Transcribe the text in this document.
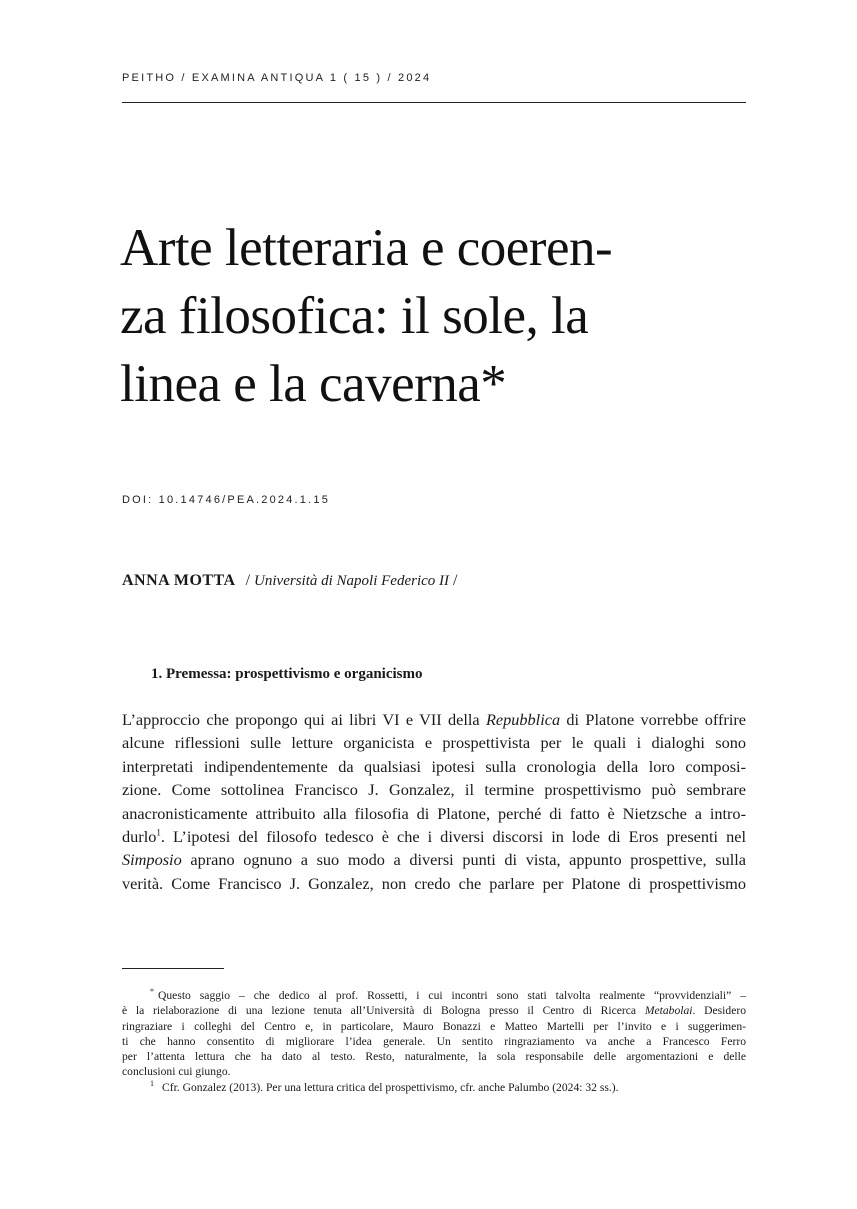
PEITHO / EXAMINA ANTIQUA 1 ( 15 ) / 2024
Arte letteraria e coeren-
za filosofica: il sole, la
linea e la caverna*
DOI: 10.14746/PEA.2024.1.15
ANNA MOTTA / Università di Napoli Federico II /
1. Premessa: prospettivismo e organicismo
L’approccio che propongo qui ai libri VI e VII della Repubblica di Platone vorrebbe offrire
alcune riflessioni sulle letture organicista e prospettivista per le quali i dialoghi sono
interpretati indipendentemente da qualsiasi ipotesi sulla cronologia della loro composi-
zione. Come sottolinea Francisco J. Gonzalez, il termine prospettivismo può sembrare
anacronisticamente attribuito alla filosofia di Platone, perché di fatto è Nietzsche a intro-
durlo$^1$. L’ipotesi del filosofo tedesco è che i diversi discorsi in lode di Eros presenti nel
Simposio aprano ognuno a suo modo a diversi punti di vista, appunto prospettive, sulla
verità. Come Francisco J. Gonzalez, non credo che parlare per Platone di prospettivismo
* Questo saggio – che dedico al prof. Rossetti, i cui incontri sono stati talvolta realmente “provvidenziali” –
è la rielaborazione di una lezione tenuta all’Università di Bologna presso il Centro di Ricerca Metabolai. Desidero
ringraziare i colleghi del Centro e, in particolare, Mauro Bonazzi e Matteo Martelli per l’invito e i suggerimen-
ti che hanno consentito di migliorare l’idea generale. Un sentito ringraziamento va anche a Francesco Ferro
per l’attenta lettura che ha dato al testo. Resto, naturalmente, la sola responsabile delle argomentazioni e delle
conclusioni cui giungo.
$^1$ Cfr. Gonzalez (2013). Per una lettura critica del prospettivismo, cfr. anche Palumbo (2024: 32 ss.).
